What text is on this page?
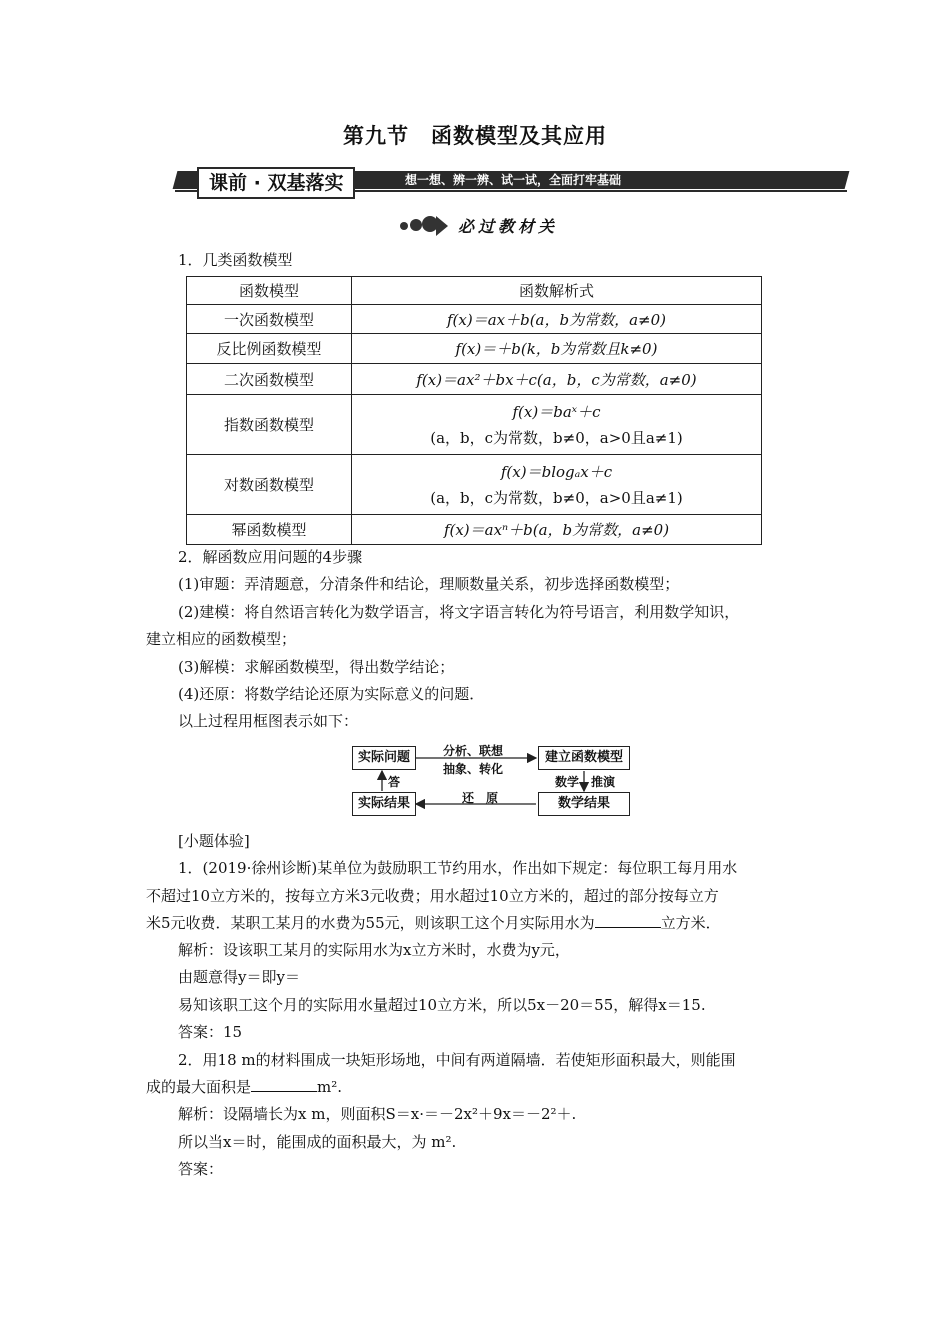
第九节　函数模型及其应用
课前 · 双基落实	想一想、辨一辨、试一试，全面打牢基础
必过教材关
1．几类函数模型
函数模型	函数解析式
一次函数模型	f(x)＝ax＋b(a，b为常数，a≠0)
反比例函数模型	f(x)＝＋b(k，b为常数且k≠0)
二次函数模型	f(x)＝ax²＋bx＋c(a，b，c为常数，a≠0)
指数函数模型	f(x)＝baˣ＋c
(a，b，c为常数，b≠0，a>0且a≠1)

对数函数模型	f(x)＝blogₐx＋c
(a，b，c为常数，b≠0，a>0且a≠1)

幂函数模型	f(x)＝axⁿ＋b(a，b为常数，a≠0)
2．解函数应用问题的4步骤
(1)审题：弄清题意，分清条件和结论，理顺数量关系，初步选择函数模型；
(2)建模：将自然语言转化为数学语言，将文字语言转化为符号语言，利用数学知识，
建立相应的函数模型；
(3)解模：求解函数模型，得出数学结论；
(4)还原：将数学结论还原为实际意义的问题．
以上过程用框图表示如下：
实际问题	建立函数模型
实际结果	数学结果
分析、联想
抽象、转化
数学　推演
还　原
答
[小题体验]
1．(2019·徐州诊断)某单位为鼓励职工节约用水，作出如下规定：每位职工每月用水
不超过10立方米的，按每立方米3元收费；用水超过10立方米的，超过的部分按每立方
米5元收费．某职工某月的水费为55元，则该职工这个月实际用水为	立方米．
解析：设该职工某月的实际用水为x立方米时，水费为y元，
由题意得y＝即y＝
易知该职工这个月的实际用水量超过10立方米，所以5x－20＝55，解得x＝15.
答案：15
2．用18 m的材料围成一块矩形场地，中间有两道隔墙．若使矩形面积最大，则能围
成的最大面积是	m².
解析：设隔墙长为x m，则面积S＝x·＝－2x²＋9x＝－2²＋.
所以当x＝时，能围成的面积最大，为 m².
答案：
